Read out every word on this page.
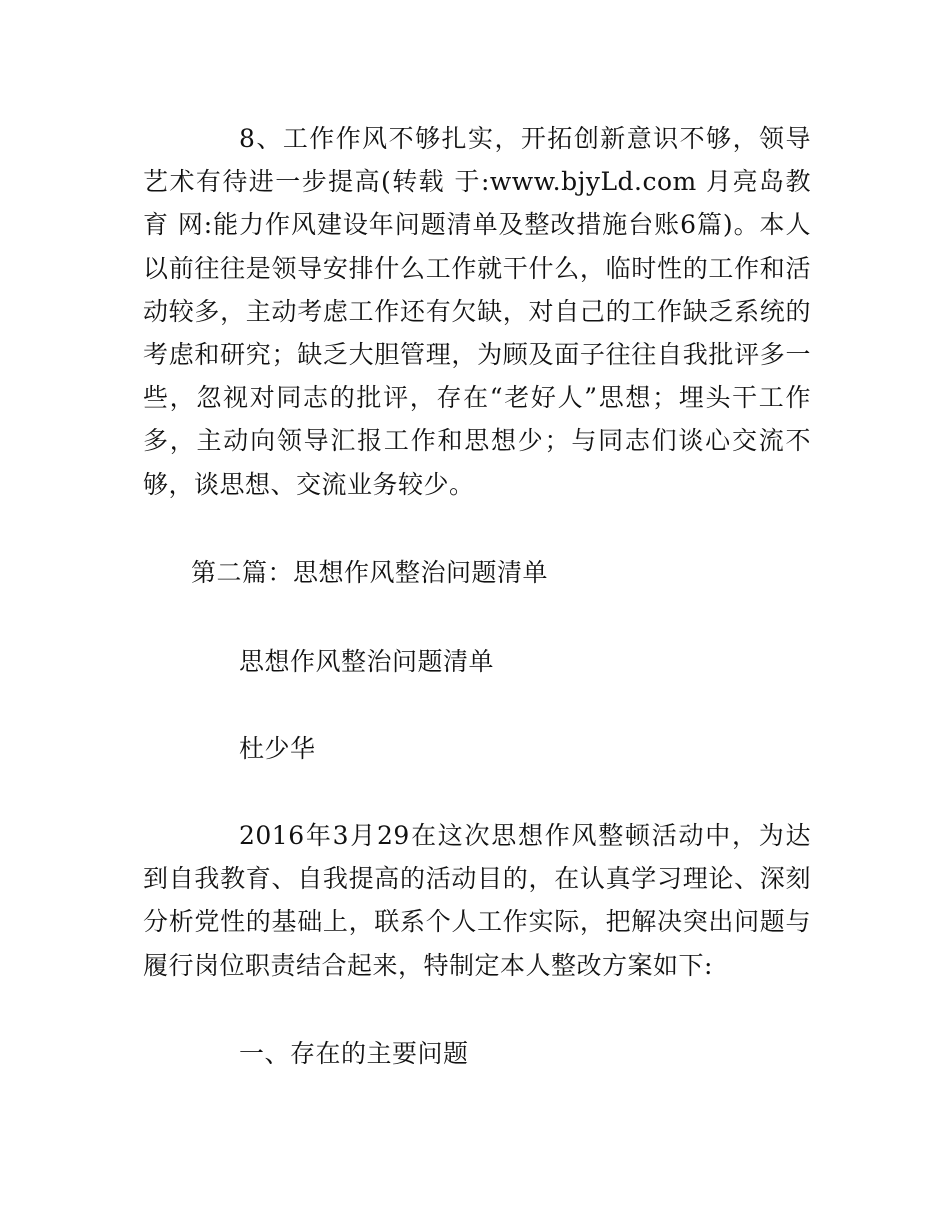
8、工作作风不够扎实，开拓创新意识不够，领导艺术有待进一步提高(转载 于:www.bjyLd.com 月亮岛教育 网:能力作风建设年问题清单及整改措施台账6篇)。本人以前往往是领导安排什么工作就干什么，临时性的工作和活动较多，主动考虑工作还有欠缺，对自己的工作缺乏系统的考虑和研究；缺乏大胆管理，为顾及面子往往自我批评多一些，忽视对同志的批评，存在“老好人”思想；埋头干工作多，主动向领导汇报工作和思想少；与同志们谈心交流不够，谈思想、交流业务较少。

第二篇：思想作风整治问题清单

思想作风整治问题清单

杜少华

2016年3月29在这次思想作风整顿活动中，为达到自我教育、自我提高的活动目的，在认真学习理论、深刻分析党性的基础上，联系个人工作实际，把解决突出问题与履行岗位职责结合起来，特制定本人整改方案如下:

一、存在的主要问题
